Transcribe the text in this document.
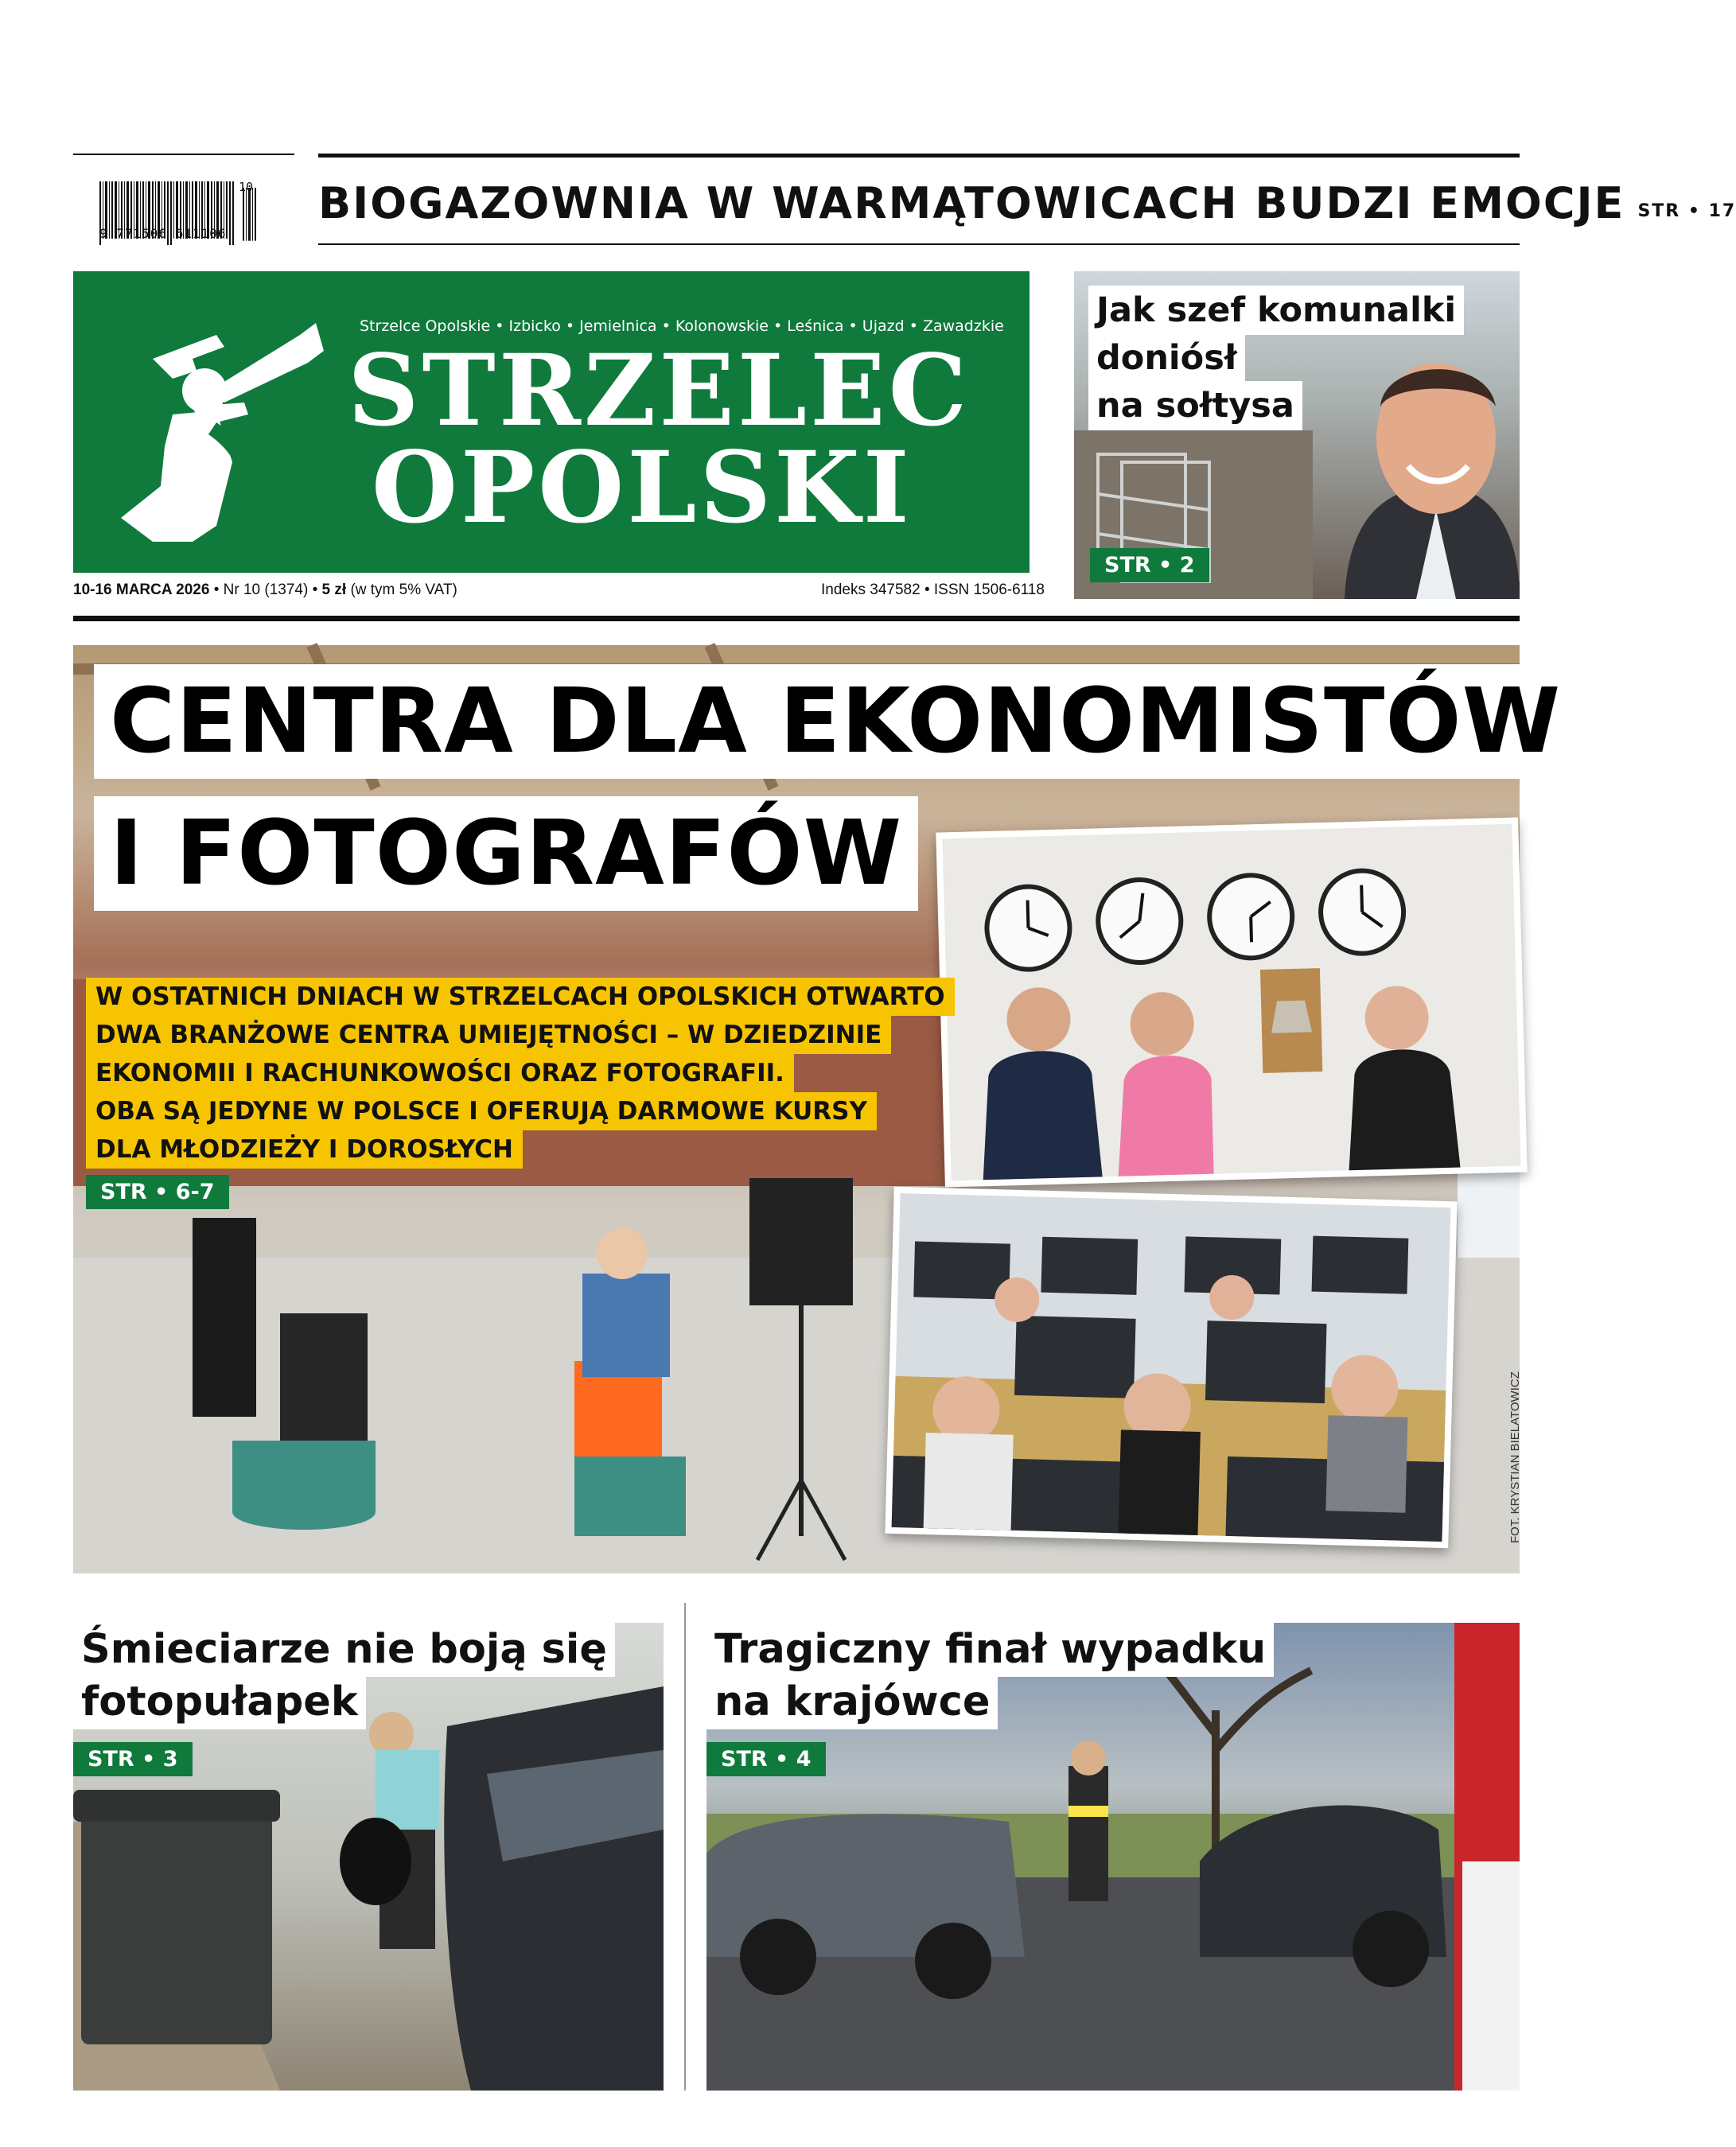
9 771506 611106
10 BIOGAZOWNIA W WARMĄTOWICACH BUDZI EMOCJE STR • 17
Strzelce Opolskie • Izbicko • Jemielnica • Kolonowskie • Leśnica • Ujazd • Zawadzkie
STRZELEC
OPOLSKI
10-16 MARCA 2026 • Nr 10 (1374) • 5 zł (w tym 5% VAT)	Indeks 347582 • ISSN 1506-6118
Jak szef komunalki
doniósł
na sołtysa
STR • 2
CENTRA DLA EKONOMISTÓW
I FOTOGRAFÓW
W OSTATNICH DNIACH W STRZELCACH OPOLSKICH OTWARTO
DWA BRANŻOWE CENTRA UMIEJĘTNOŚCI – W DZIEDZINIE
EKONOMII I RACHUNKOWOŚCI ORAZ FOTOGRAFII.
OBA SĄ JEDYNE W POLSCE I OFERUJĄ DARMOWE KURSY
DLA MŁODZIEŻY I DOROSŁYCH
STR • 6-7
FOT. KRYSTIAN BIELATOWICZ
Śmieciarze nie boją się
fotopułapek
STR • 3
Tragiczny finał wypadku
na krajówce
STR • 4
